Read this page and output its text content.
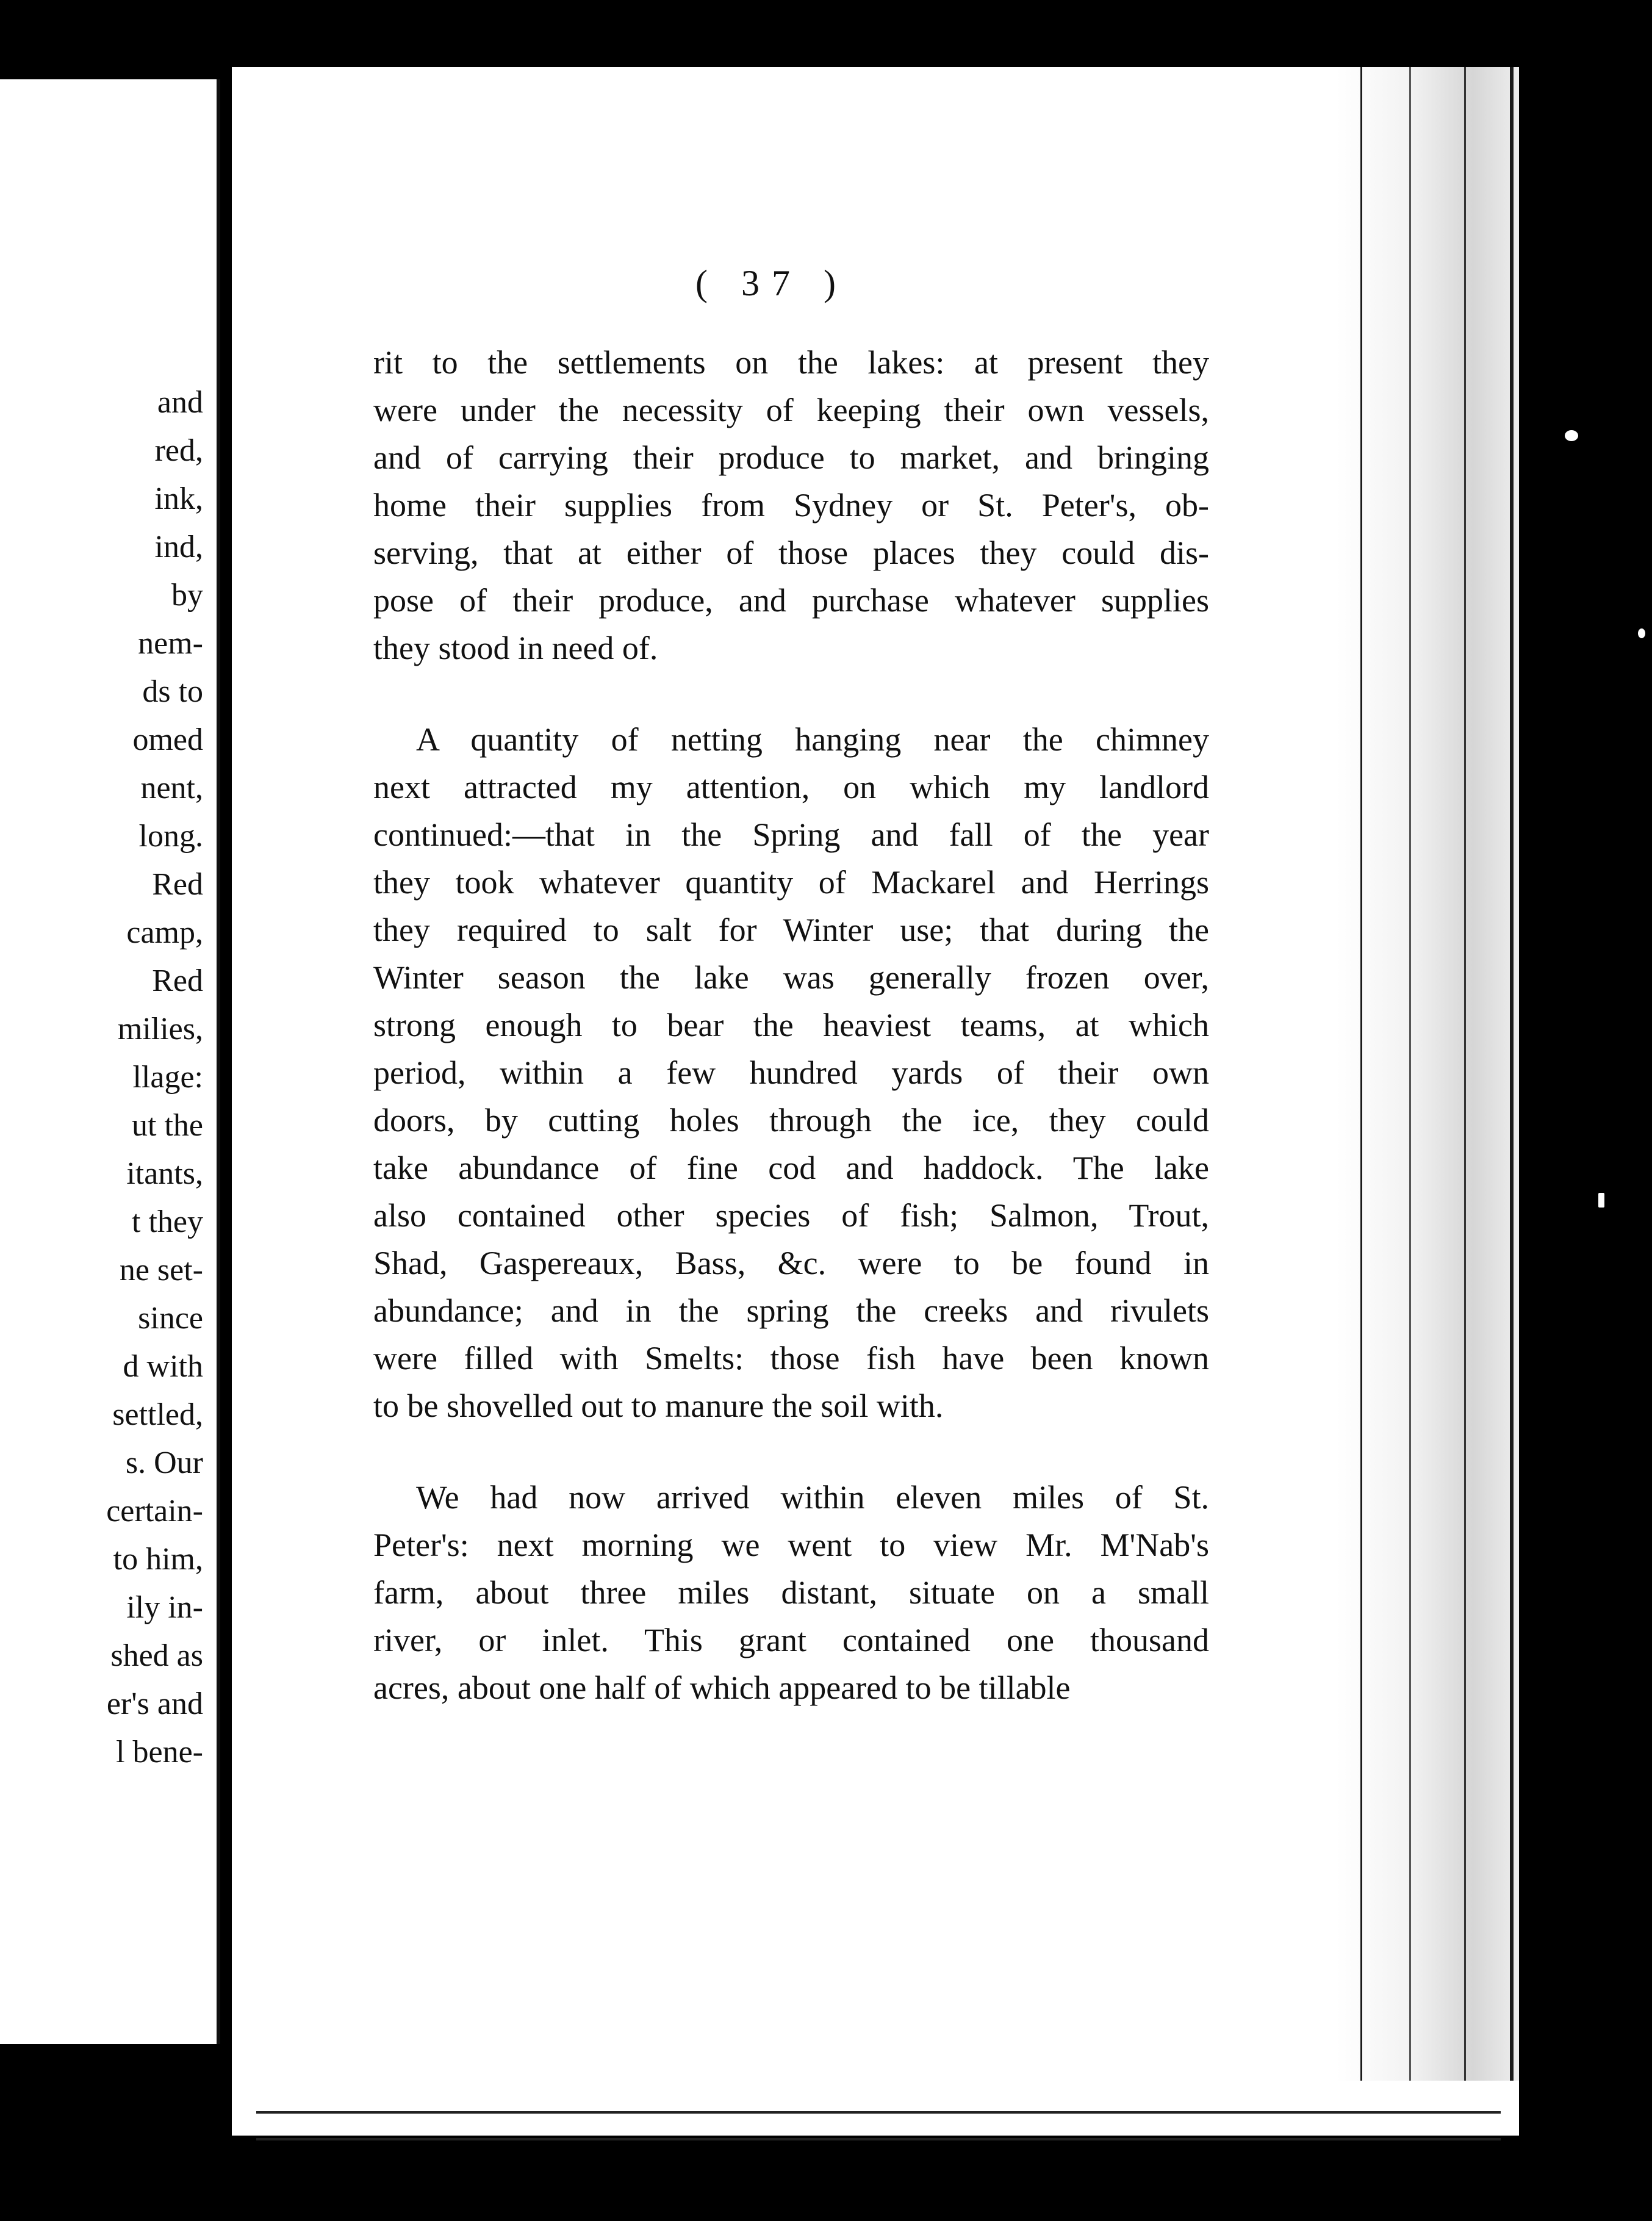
and
red,
ink,
ind,
by
nem-
ds to
omed
nent,
long.
Red
camp,
Red
milies,
llage:
ut the
itants,
t they
ne set-
since
d with
settled,
s. Our
certain-
to him,
ily in-
shed as
er's and
l bene-
( 37 )
rit to the settlements on the lakes: at present they
were under the necessity of keeping their own vessels,
and of carrying their produce to market, and bringing
home their supplies from Sydney or St. Peter's, ob-
serving, that at either of those places they could dis-
pose of their produce, and purchase whatever supplies
they stood in need of.
A quantity of netting hanging near the chimney
next attracted my attention, on which my landlord
continued:—that in the Spring and fall of the year
they took whatever quantity of Mackarel and Herrings
they required to salt for Winter use; that during the
Winter season the lake was generally frozen over,
strong enough to bear the heaviest teams, at which
period, within a few hundred yards of their own
doors, by cutting holes through the ice, they could
take abundance of fine cod and haddock. The lake
also contained other species of fish; Salmon, Trout,
Shad, Gaspereaux, Bass, &c. were to be found in
abundance; and in the spring the creeks and rivulets
were filled with Smelts: those fish have been known
to be shovelled out to manure the soil with.
We had now arrived within eleven miles of St.
Peter's: next morning we went to view Mr. M'Nab's
farm, about three miles distant, situate on a small
river, or inlet. This grant contained one thousand
acres, about one half of which appeared to be tillable
